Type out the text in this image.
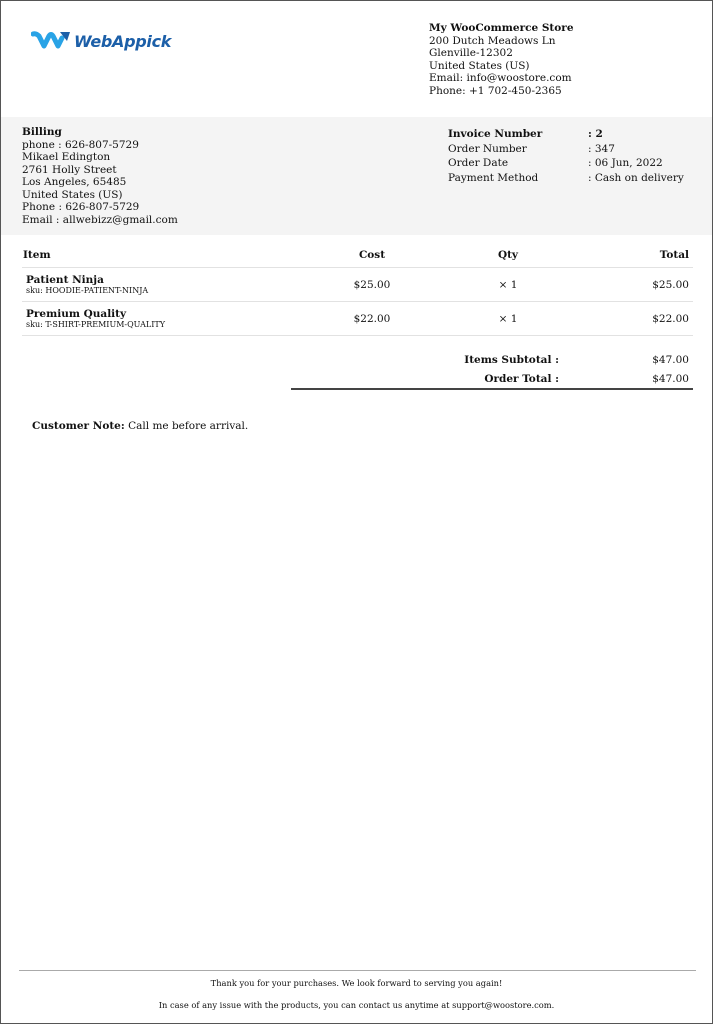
WebAppick
My WooCommerce Store
200 Dutch Meadows Ln
Glenville-12302
United States (US)
Email: info@woostore.com
Phone: +1 702-450-2365
Billing
phone : 626-807-5729
Mikael Edington
2761 Holly Street
Los Angeles, 65485
United States (US)
Phone : 626-807-5729
Email : allwebizz@gmail.com
Invoice Number	: 2
Order Number	: 347
Order Date	: 06 Jun, 2022
Payment Method	: Cash on delivery
Item	Cost	Qty	Total
Patient Ninja
sku: HOODIE-PATIENT-NINJA	$25.00	× 1	$25.00
Premium Quality
sku: T-SHIRT-PREMIUM-QUALITY	$22.00	× 1	$22.00
Items Subtotal :	$47.00
Order Total :	$47.00
Customer Note: Call me before arrival.
Thank you for your purchases. We look forward to serving you again!
In case of any issue with the products, you can contact us anytime at support@woostore.com.
